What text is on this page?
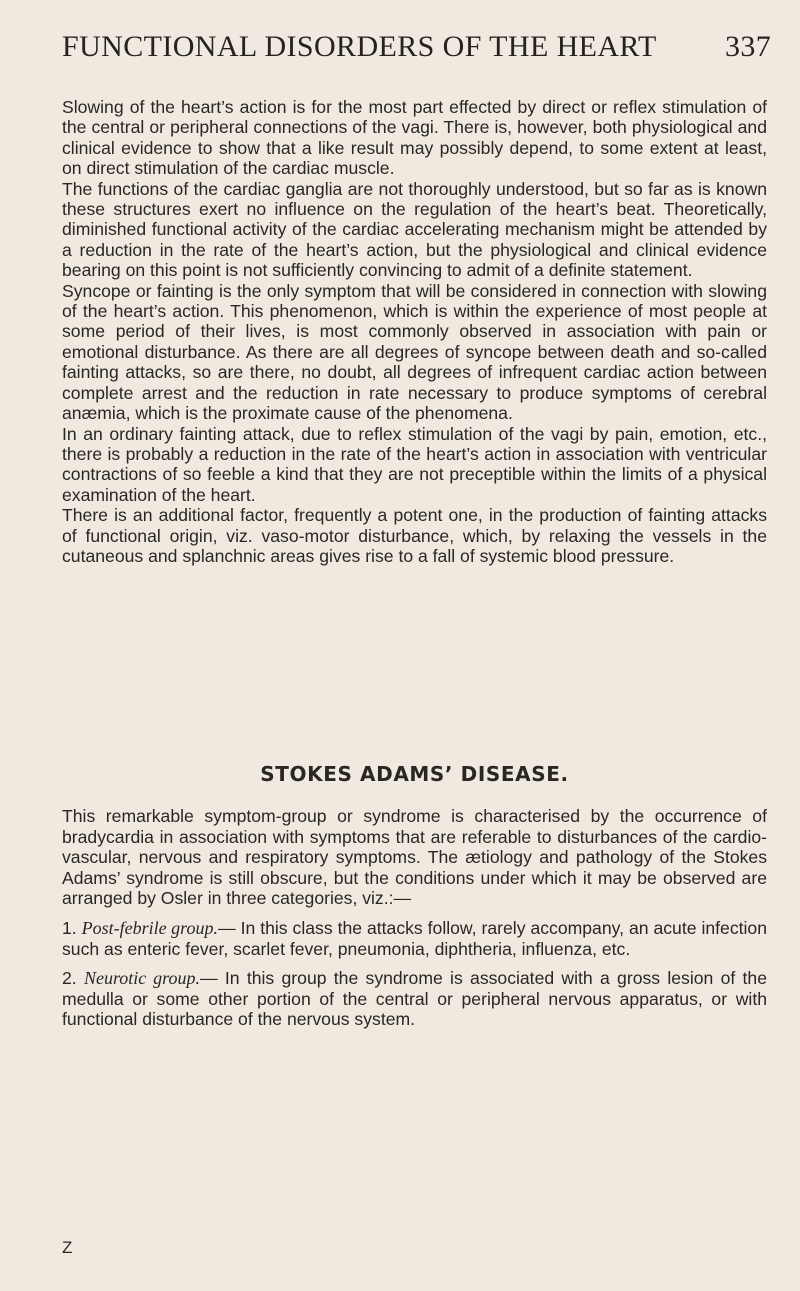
FUNCTIONAL DISORDERS OF THE HEART 337

Slowing of the heart’s action is for the most part effected by direct or reflex stimulation of the central or peripheral connections of the vagi. There is, however, both physiological and clinical evidence to show that a like result may possibly depend, to some extent at least, on direct stimulation of the cardiac muscle.

The functions of the cardiac ganglia are not thoroughly understood, but so far as is known these structures exert no influence on the regulation of the heart’s beat. Theoretically, diminished functional activity of the cardiac accelerating mechanism might be attended by a reduction in the rate of the heart’s action, but the physiological and clinical evidence bearing on this point is not sufficiently convincing to admit of a definite statement.

Syncope or fainting is the only symptom that will be considered in connection with slowing of the heart’s action. This phenomenon, which is within the experience of most people at some period of their lives, is most commonly observed in association with pain or emotional disturbance. As there are all degrees of syncope between death and so-called fainting attacks, so are there, no doubt, all degrees of infrequent cardiac action between complete arrest and the reduction in rate necessary to produce symptoms of cerebral anæmia, which is the proximate cause of the phenomena.

In an ordinary fainting attack, due to reflex stimulation of the vagi by pain, emotion, etc., there is probably a reduction in the rate of the heart’s action in association with ventricular contractions of so feeble a kind that they are not preceptible within the limits of a physical examination of the heart.

There is an additional factor, frequently a potent one, in the production of fainting attacks of functional origin, viz. vaso-motor disturbance, which, by relaxing the vessels in the cutaneous and splanchnic areas gives rise to a fall of systemic blood pressure.

STOKES ADAMS’ DISEASE.

This remarkable symptom-group or syndrome is characterised by the occurrence of bradycardia in association with symptoms that are referable to disturbances of the cardio-vascular, nervous and respiratory symptoms. The ætiology and pathology of the Stokes Adams’ syndrome is still obscure, but the conditions under which it may be observed are arranged by Osler in three categories, viz.:—

1. Post-febrile group.— In this class the attacks follow, rarely accompany, an acute infection such as enteric fever, scarlet fever, pneumonia, diphtheria, influenza, etc.

2. Neurotic group.— In this group the syndrome is associated with a gross lesion of the medulla or some other portion of the central or peripheral nervous apparatus, or with functional disturbance of the nervous system.

Z
